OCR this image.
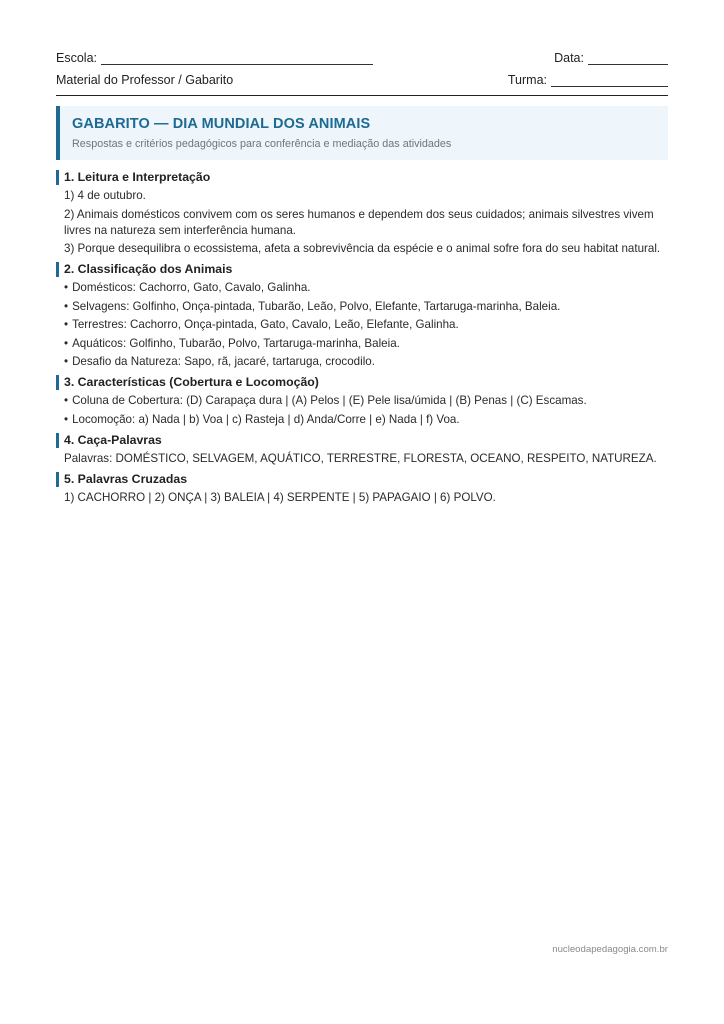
Escola:	Data:
Material do Professor / Gabarito	Turma:
GABARITO — DIA MUNDIAL DOS ANIMAIS
Respostas e critérios pedagógicos para conferência e mediação das atividades
1. Leitura e Interpretação
1) 4 de outubro.
2) Animais domésticos convivem com os seres humanos e dependem dos seus cuidados; animais silvestres vivem livres na natureza sem interferência humana.
3) Porque desequilibra o ecossistema, afeta a sobrevivência da espécie e o animal sofre fora do seu habitat natural.
2. Classificação dos Animais
• Domésticos: Cachorro, Gato, Cavalo, Galinha.
• Selvagens: Golfinho, Onça-pintada, Tubarão, Leão, Polvo, Elefante, Tartaruga-marinha, Baleia.
• Terrestres: Cachorro, Onça-pintada, Gato, Cavalo, Leão, Elefante, Galinha.
• Aquáticos: Golfinho, Tubarão, Polvo, Tartaruga-marinha, Baleia.
• Desafio da Natureza: Sapo, rã, jacaré, tartaruga, crocodilo.
3. Características (Cobertura e Locomoção)
• Coluna de Cobertura: (D) Carapaça dura | (A) Pelos | (E) Pele lisa/úmida | (B) Penas | (C) Escamas.
• Locomoção: a) Nada | b) Voa | c) Rasteja | d) Anda/Corre | e) Nada | f) Voa.
4. Caça-Palavras
Palavras: DOMÉSTICO, SELVAGEM, AQUÁTICO, TERRESTRE, FLORESTA, OCEANO, RESPEITO, NATUREZA.
5. Palavras Cruzadas
1) CACHORRO | 2) ONÇA | 3) BALEIA | 4) SERPENTE | 5) PAPAGAIO | 6) POLVO.
nucleodapedagogia.com.br
